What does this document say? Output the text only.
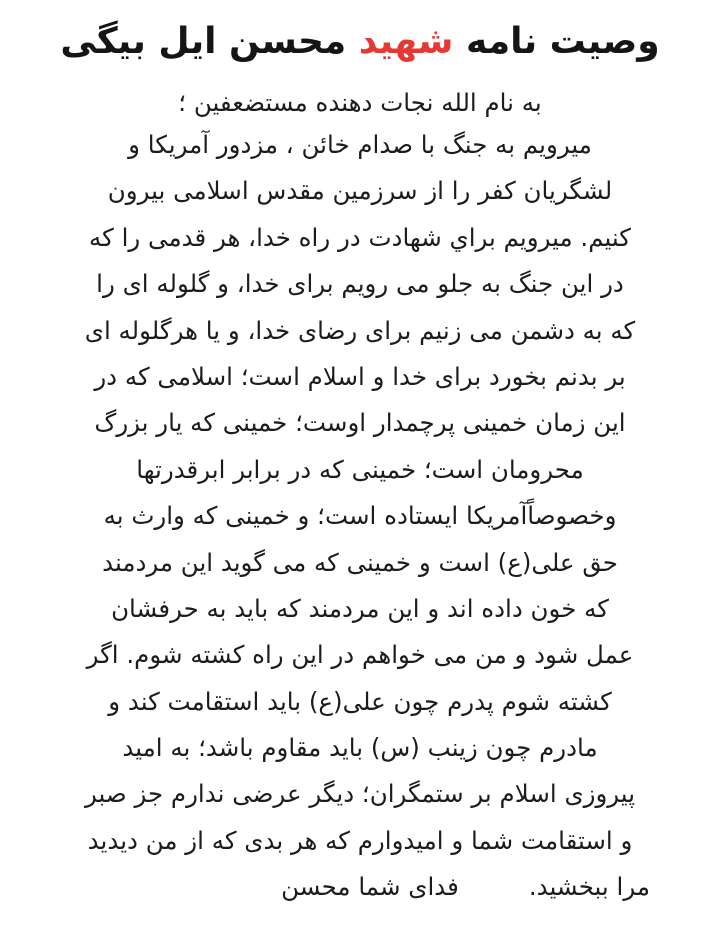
وصیت نامه شهید محسن ایل بیگی
به نام الله نجات دهنده مستضعفین ؛
میرویم به جنگ با صدام خائن ، مزدور آمریکا و
لشگریان کفر را از سرزمین مقدس اسلامی بیرون
کنیم. میرویم براي شهادت در راه خدا، هر قدمی را که
در این جنگ به جلو می رویم برای خدا، و گلوله ای را
که به دشمن می زنیم برای رضای خدا، و یا هرگلوله ای
بر بدنم بخورد برای خدا و اسلام است؛ اسلامی که در
این زمان خمینی پرچمدار اوست؛ خمینی که یار بزرگ
محرومان است؛ خمینی که در برابر ابرقدرتها
وخصوصاًآمریکا ایستاده است؛ و خمینی که وارث به
حق علی(ع) است و خمینی که می گوید این مردمند
که خون داده اند و این مردمند که باید به حرفشان
عمل شود و من می خواهم در این راه کشته شوم. اگر
کشته شوم پدرم چون علی(ع) باید استقامت کند و
مادرم چون زینب (س) باید مقاوم باشد؛ به امید
پیروزی اسلام بر ستمگران؛ دیگر عرضی ندارم جز صبر
و استقامت شما و امیدوارم که هر بدی که از من دیدید
مرا ببخشید.فدای شما محسن
